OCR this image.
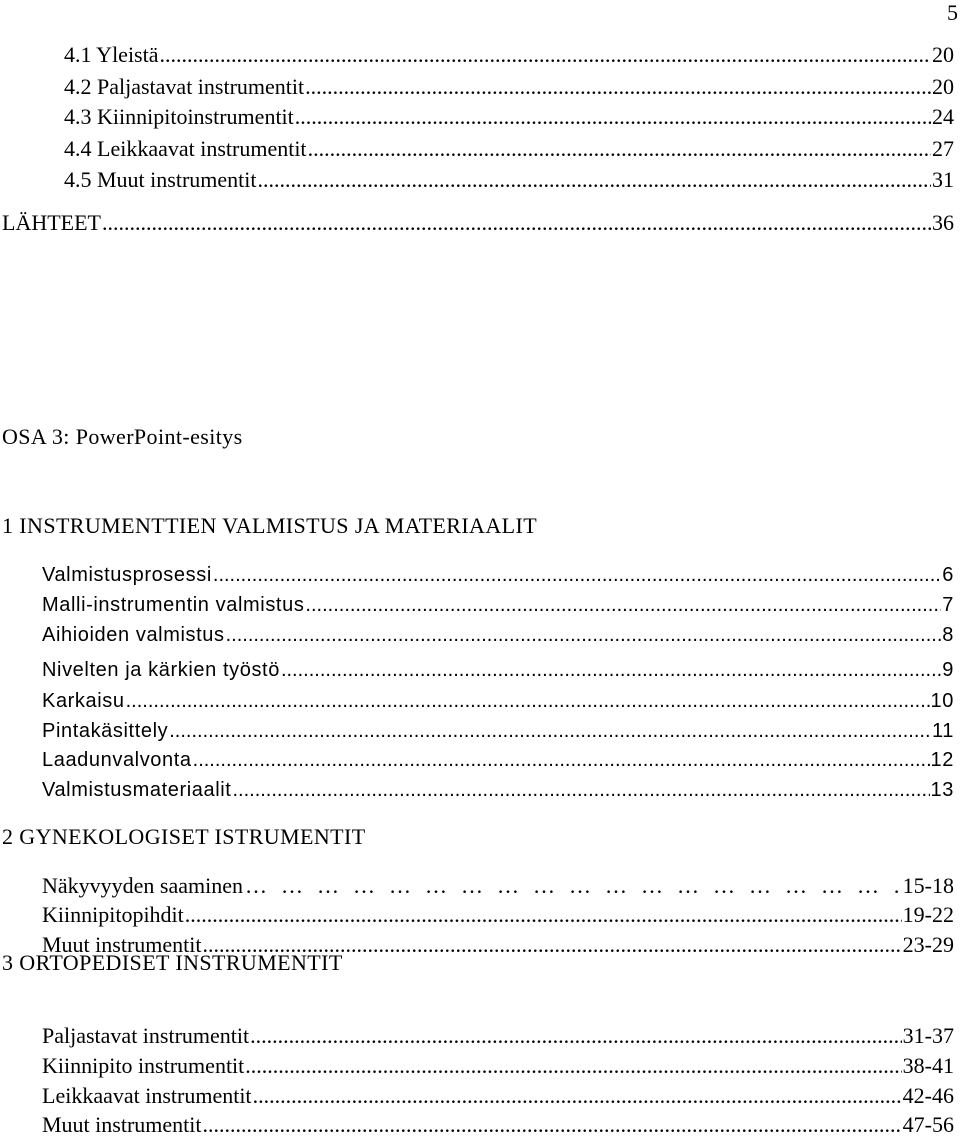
5
4.1 Yleistä .....	20
4.2 Paljastavat instrumentit .....	20
4.3 Kiinnipitoinstrumentit .....	24
4.4 Leikkaavat instrumentit .....	27
4.5 Muut instrumentit .....	31
LÄHTEET .....	36
OSA 3: PowerPoint-esitys
1 INSTRUMENTTIEN VALMISTUS JA MATERIAALIT
Valmistusprosessi .....	6
Malli-instrumentin valmistus .....	7
Aihioiden valmistus .....	8
Nivelten ja kärkien työstö .....	9
Karkaisu .....	10
Pintakäsittely .....	11
Laadunvalvonta .....	12
Valmistusmateriaalit .....	13
2 GYNEKOLOGISET ISTRUMENTIT
Näkyvyyden saaminen ……………………………………………………………………	15-18
Kiinnipitopihdit .....	19-22
Muut instrumentit .....	23-29
3 ORTOPEDISET INSTRUMENTIT
Paljastavat instrumentit .....	31-37
Kiinnipito instrumentit .....	38-41
Leikkaavat instrumentit .....	42-46
Muut instrumentit .....	47-56
